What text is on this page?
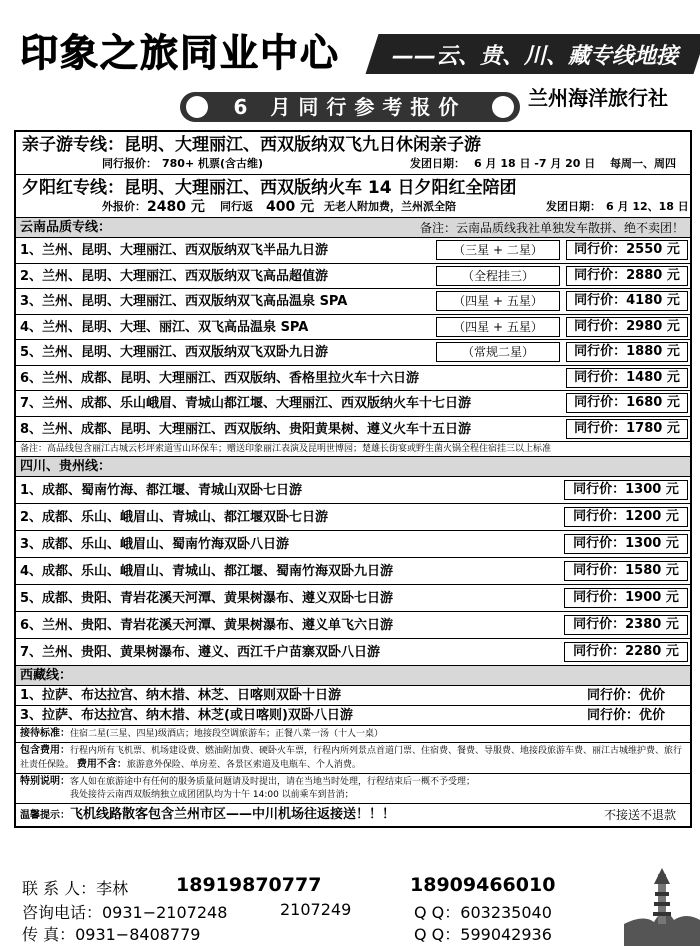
印象之旅同业中心 ——云、贵、川、藏专线地接
6 月同行参考报价	兰州海洋旅行社
亲子游专线：昆明、大理丽江、西双版纳双飞九日休闲亲子游
同行报价： 780+ 机票(含古维)	发团日期： 6 月 18 日 -7 月 20 日 每周一、周四
夕阳红专线：昆明、大理丽江、西双版纳火车 14 日夕阳红全陪团
外报价： 2480 元 同行返 400 元 无老人附加费，兰州派全陪	发团日期： 6 月 12、18 日
云南品质专线：	备注：云南品质线我社单独发车散拼、绝不卖团！
1、兰州、昆明、大理丽江、西双版纳双飞半品九日游	（三星 + 二星）	同行价：2550 元
2、兰州、昆明、大理丽江、西双版纳双飞高品超值游	（全程挂三）	同行价：2880 元
3、兰州、昆明、大理丽江、西双版纳双飞高品温泉 SPA	（四星 + 五星）	同行价：4180 元
4、兰州、昆明、大理、丽江、双飞高品温泉 SPA	（四星 + 五星）	同行价：2980 元
5、兰州、昆明、大理丽江、西双版纳双飞双卧九日游	（常规二星）	同行价：1880 元
6、兰州、成都、昆明、大理丽江、西双版纳、香格里拉火车十六日游	同行价：1480 元
7、兰州、成都、乐山峨眉、青城山都江堰、大理丽江、西双版纳火车十七日游	同行价：1680 元
8、兰州、成都、昆明、大理丽江、西双版纳、贵阳黄果树、遵义火车十五日游	同行价：1780 元
备注：高品线包含丽江古城云杉坪索道雪山环保车；赠送印象丽江表演及昆明世博园；楚雄长街宴或野生菌火锅全程住宿挂三以上标准
四川、贵州线：
1、成都、蜀南竹海、都江堰、青城山双卧七日游	同行价：1300 元
2、成都、乐山、峨眉山、青城山、都江堰双卧七日游	同行价：1200 元
3、成都、乐山、峨眉山、蜀南竹海双卧八日游	同行价：1300 元
4、成都、乐山、峨眉山、青城山、都江堰、蜀南竹海双卧九日游	同行价：1580 元
5、成都、贵阳、青岩花溪天河潭、黄果树瀑布、遵义双卧七日游	同行价：1900 元
6、兰州、贵阳、青岩花溪天河潭、黄果树瀑布、遵义单飞六日游	同行价：2380 元
7、兰州、贵阳、黄果树瀑布、遵义、西江千户苗寨双卧八日游	同行价：2280 元
西藏线：
1、拉萨、布达拉宫、纳木措、林芝、日喀则双卧十日游	同行价：优价
3、拉萨、布达拉宫、纳木措、林芝(或日喀则)双卧八日游	同行价：优价
接待标准：住宿二星(三星、四星)级酒店；地接段空调旅游车；正餐八菜一汤（十人一桌）
包含费用：行程内所有飞机票、机场建设费、燃油附加费、硬卧火车票，行程内所列景点首道门票、住宿费、餐费、导服费、地接段旅游车费、丽江古城维护费、旅行社责任保险。 费用不含：旅游意外保险、单房差、各景区索道及电瓶车、个人消费。
特别说明：客人如在旅游途中有任何的服务质量问题请及时提出，请在当地当时处理，行程结束后一概不予受理；
我处接待云南西双版纳独立成团团队均为十午 14:00 以前乘车到昔消；
温馨提示：飞机线路散客包含兰州市区——中川机场往返接送！！！	不接送不退款
联 系 人：李林	18919870777	18909466010
咨询电话：0931−2107248	2107249	Q Q：603235040
传 真：0931−8408779	Q Q：599042936
